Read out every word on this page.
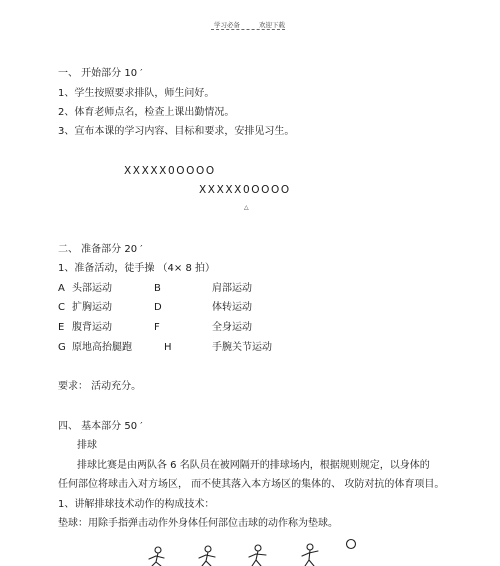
学习必备	欢迎下载
一、 开始部分 10 ′
1、学生按照要求排队，师生问好。
2、体育老师点名，检查上课出勤情况。
3、宣布本课的学习内容、目标和要求，安排见习生。
XXXXX0OOOO
XXXXX0OOOO
△
二、 准备部分 20 ′
1、准备活动，徒手操 （4× 8 拍）
A 头部运动	B	肩部运动
C 扩胸运动	D	体转运动
E 腹背运动	F	全身运动
G 原地高抬腿跑	H	手腕关节运动
要求： 活动充分。
四、 基本部分 50 ′
排球
排球比赛是由两队各 6 名队员在被网隔开的排球场内，根据规则规定，以身体的
任何部位将球击入对方场区， 而不使其落入本方场区的集体的、 攻防对抗的体育项目。
1、讲解排球技术动作的构成技术：
垫球：用除手指弹击动作外身体任何部位击球的动作称为垫球。
